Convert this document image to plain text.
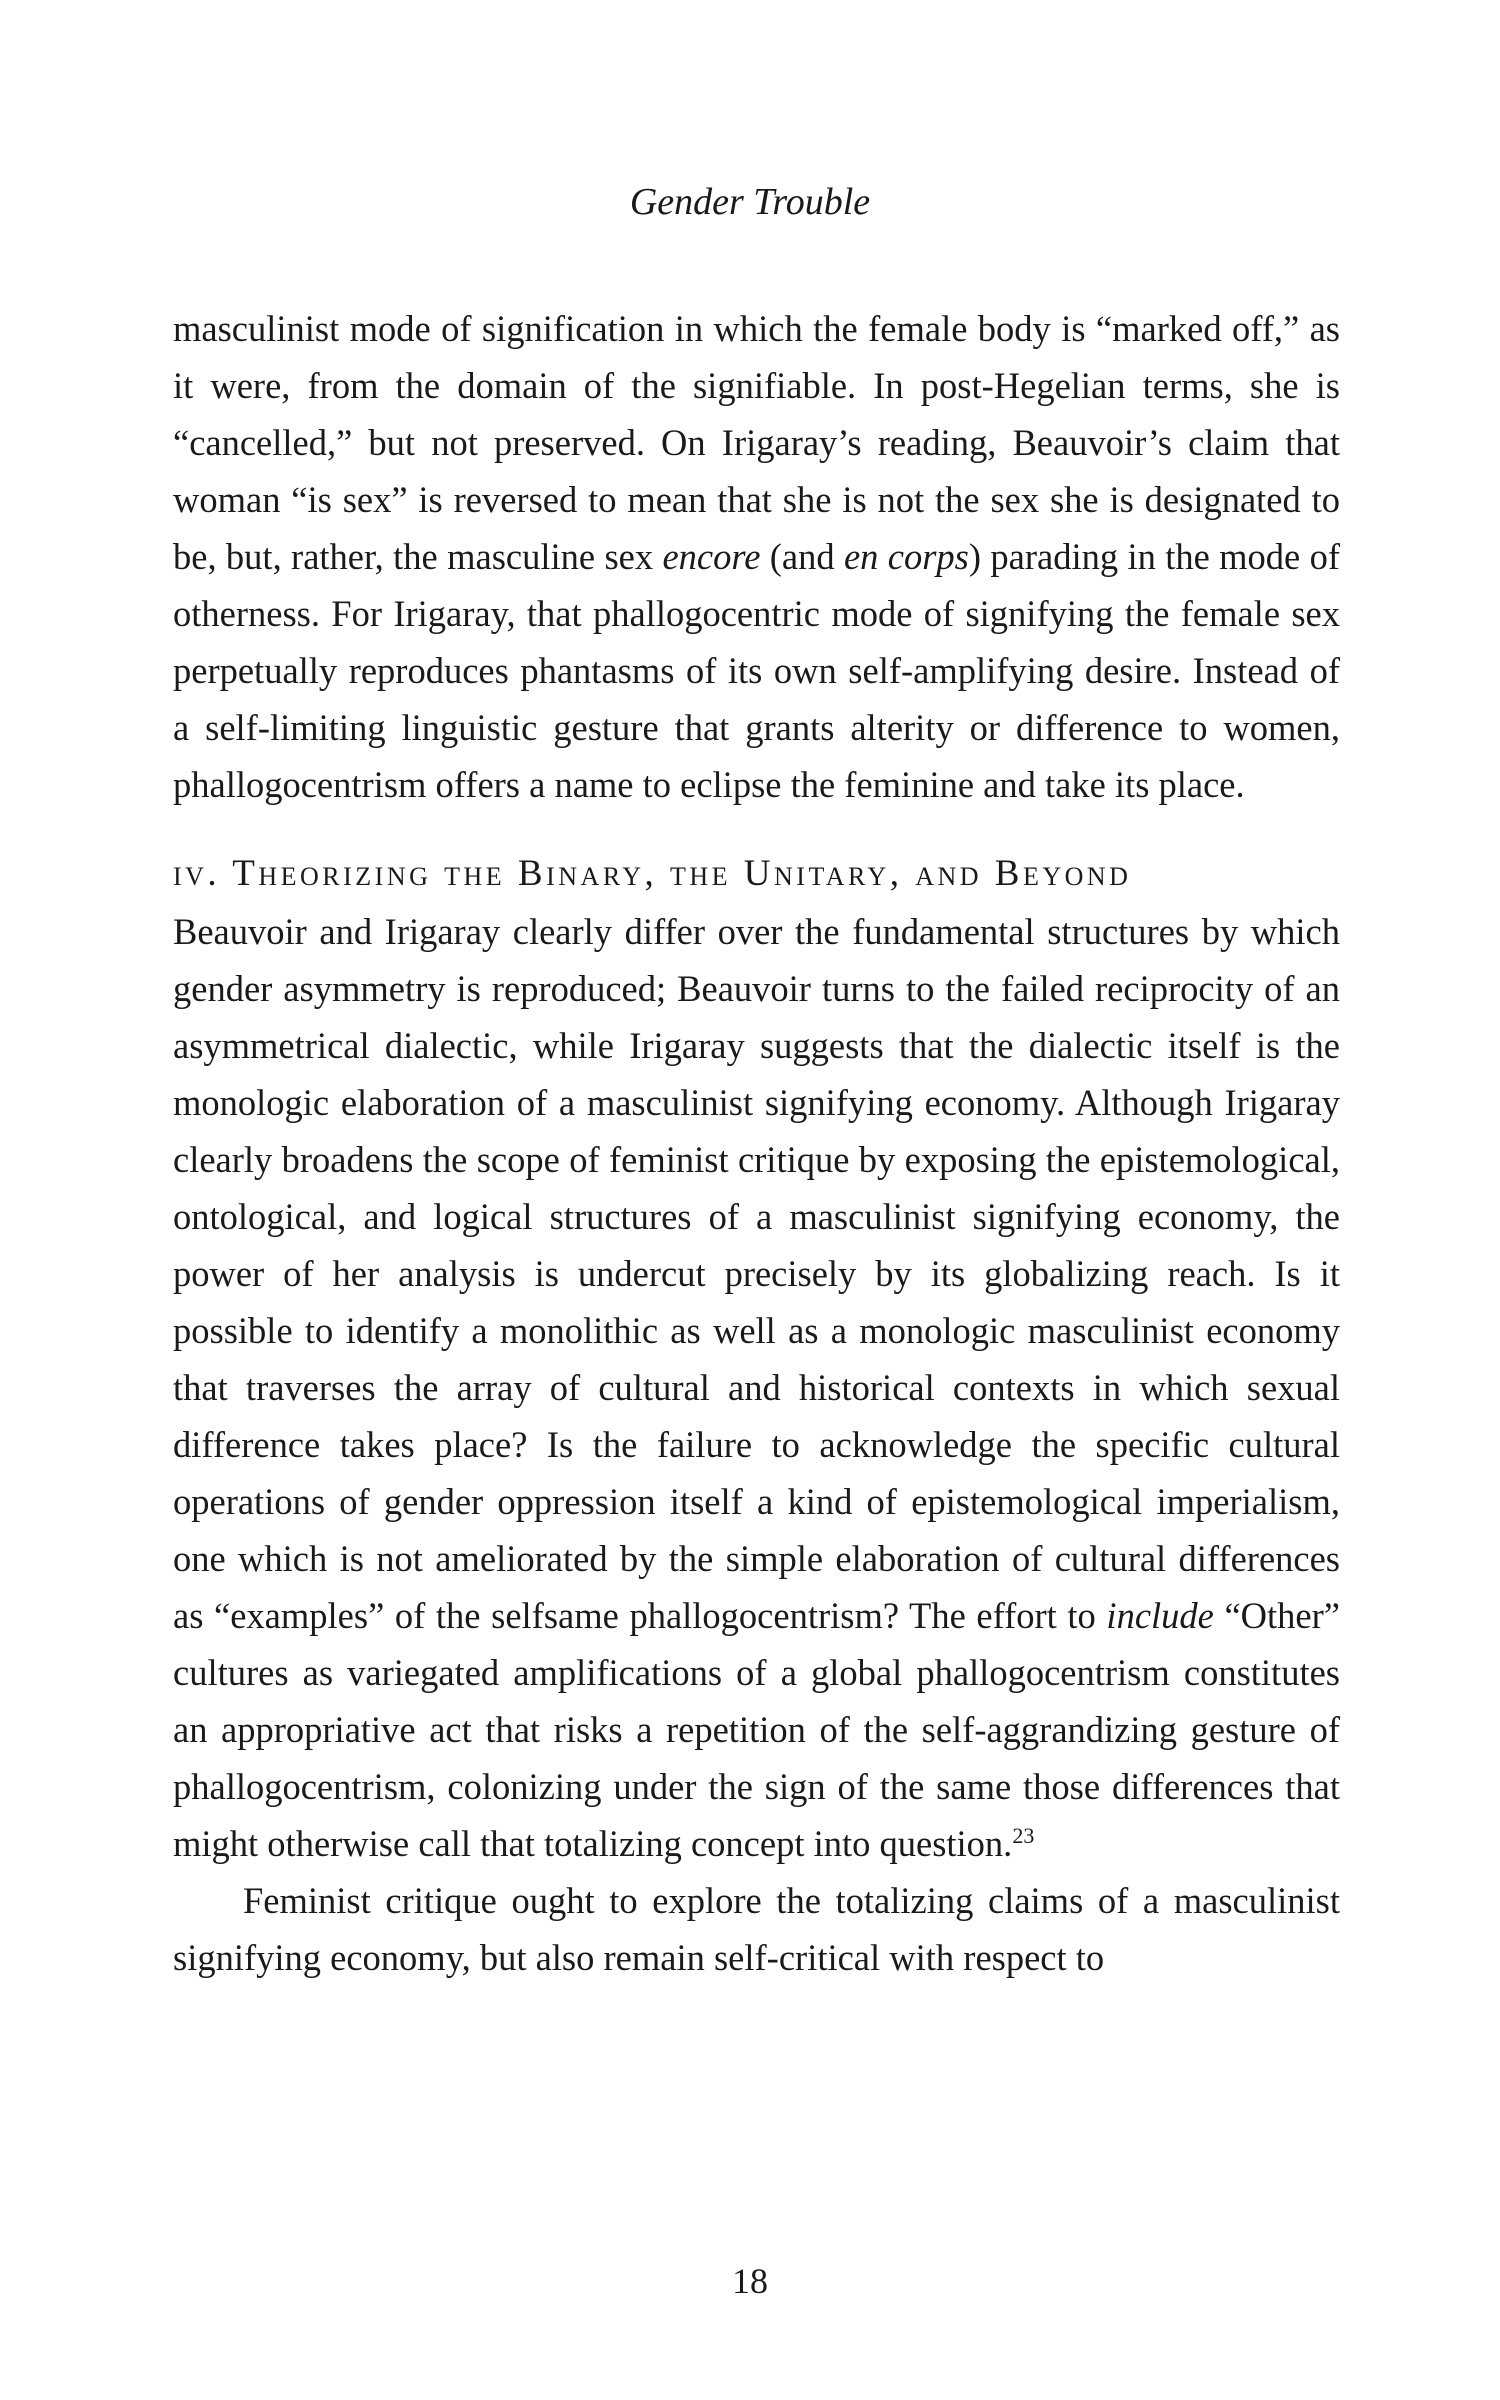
Gender Trouble

masculinist mode of signification in which the female body is “marked off,” as it were, from the domain of the signifiable. In post-Hegelian terms, she is “cancelled,” but not preserved. On Irigaray’s reading, Beauvoir’s claim that woman “is sex” is reversed to mean that she is not the sex she is designated to be, but, rather, the masculine sex encore (and en corps) parading in the mode of otherness. For Irigaray, that phallogocentric mode of signifying the female sex perpetually reproduces phantasms of its own self-amplifying desire. Instead of a self-limiting linguistic gesture that grants alterity or difference to women, phallogocentrism offers a name to eclipse the feminine and take its place.

iv. Theorizing the Binary, the Unitary, and Beyond

Beauvoir and Irigaray clearly differ over the fundamental structures by which gender asymmetry is reproduced; Beauvoir turns to the failed reciprocity of an asymmetrical dialectic, while Irigaray suggests that the dialectic itself is the monologic elaboration of a masculinist signifying economy. Although Irigaray clearly broadens the scope of feminist critique by exposing the epistemological, ontological, and logical structures of a masculinist signifying economy, the power of her analysis is undercut precisely by its globalizing reach. Is it possible to identify a monolithic as well as a monologic masculinist economy that traverses the array of cultural and historical contexts in which sexual difference takes place? Is the failure to acknowledge the specific cultural operations of gender oppression itself a kind of epistemological imperialism, one which is not ameliorated by the simple elaboration of cultural differences as “examples” of the selfsame phallogocentrism? The effort to include “Other” cultures as variegated amplifications of a global phallogocentrism constitutes an appropriative act that risks a repetition of the self-aggrandizing gesture of phallogocentrism, colonizing under the sign of the same those differences that might otherwise call that totalizing concept into question.$^{23}$

Feminist critique ought to explore the totalizing claims of a masculinist signifying economy, but also remain self-critical with respect to

18
